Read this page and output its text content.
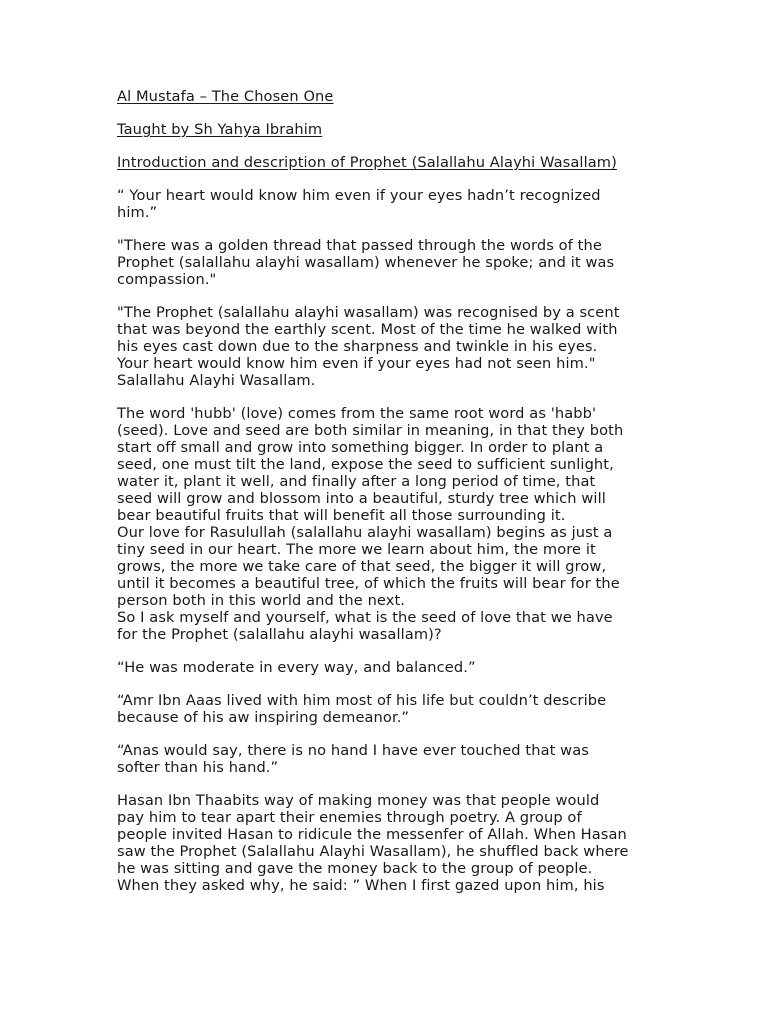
Al Mustafa – The Chosen One

Taught by Sh Yahya Ibrahim

Introduction and description of Prophet (Salallahu Alayhi Wasallam)

“ Your heart would know him even if your eyes hadn’t recognized
him.”

"There was a golden thread that passed through the words of the
Prophet (salallahu alayhi wasallam) whenever he spoke; and it was
compassion."

"The Prophet (salallahu alayhi wasallam) was recognised by a scent
that was beyond the earthly scent. Most of the time he walked with
his eyes cast down due to the sharpness and twinkle in his eyes.
Your heart would know him even if your eyes had not seen him."
Salallahu Alayhi Wasallam.

The word 'hubb' (love) comes from the same root word as 'habb'
(seed). Love and seed are both similar in meaning, in that they both
start off small and grow into something bigger. In order to plant a
seed, one must tilt the land, expose the seed to sufficient sunlight,
water it, plant it well, and finally after a long period of time, that
seed will grow and blossom into a beautiful, sturdy tree which will
bear beautiful fruits that will benefit all those surrounding it.
Our love for Rasulullah (salallahu alayhi wasallam) begins as just a
tiny seed in our heart. The more we learn about him, the more it
grows, the more we take care of that seed, the bigger it will grow,
until it becomes a beautiful tree, of which the fruits will bear for the
person both in this world and the next.
So I ask myself and yourself, what is the seed of love that we have
for the Prophet (salallahu alayhi wasallam)?

“He was moderate in every way, and balanced.”

“Amr Ibn Aaas lived with him most of his life but couldn’t describe
because of his aw inspiring demeanor.”

“Anas would say, there is no hand I have ever touched that was
softer than his hand.”

Hasan Ibn Thaabits way of making money was that people would
pay him to tear apart their enemies through poetry. A group of
people invited Hasan to ridicule the messenfer of Allah. When Hasan
saw the Prophet (Salallahu Alayhi Wasallam), he shuffled back where
he was sitting and gave the money back to the group of people.
When they asked why, he said: ” When I first gazed upon him, his
